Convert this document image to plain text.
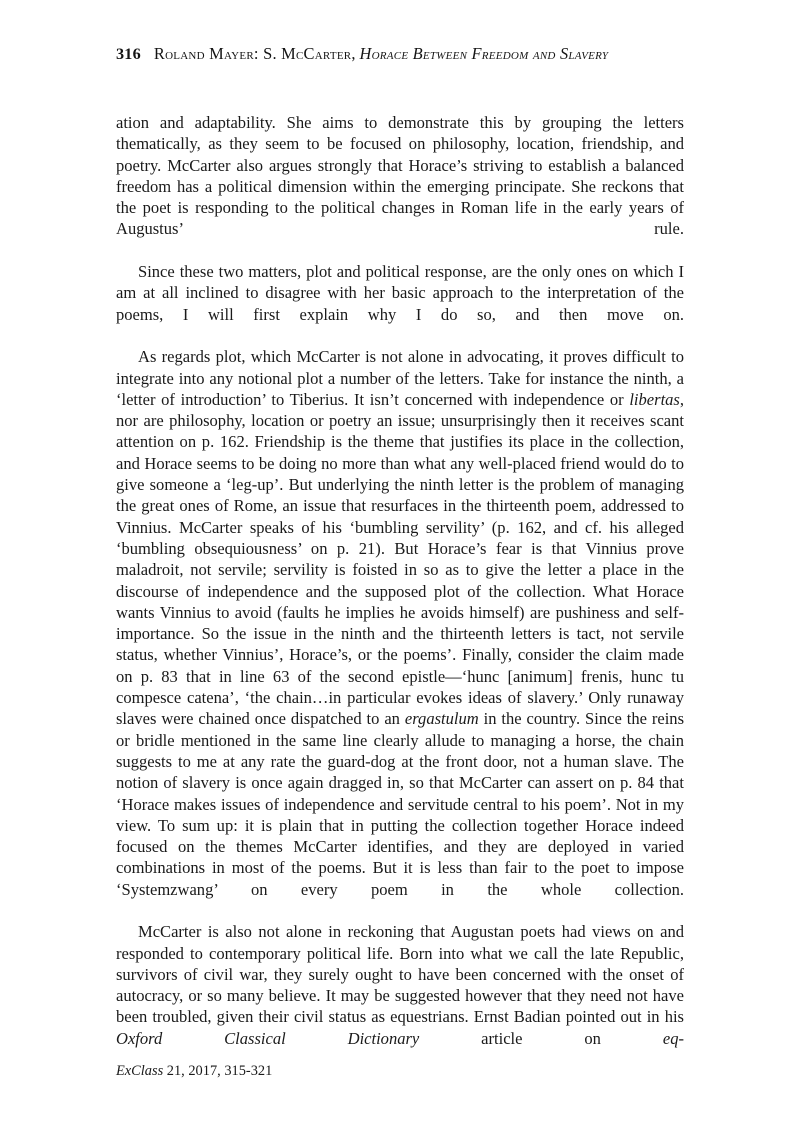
316 Roland Mayer: S. McCarter, Horace Between Freedom and Slavery

ation and adaptability. She aims to demonstrate this by grouping the letters thematically, as they seem to be focused on philosophy, location, friendship, and poetry. McCarter also argues strongly that Horace’s striving to establish a balanced freedom has a political dimension within the emerging principate. She reckons that the poet is responding to the political changes in Roman life in the early years of Augustus’ rule.

Since these two matters, plot and political response, are the only ones on which I am at all inclined to disagree with her basic approach to the interpretation of the poems, I will first explain why I do so, and then move on.

As regards plot, which McCarter is not alone in advocating, it proves difficult to integrate into any notional plot a number of the letters. Take for instance the ninth, a ‘letter of introduction’ to Tiberius. It isn’t concerned with independence or libertas, nor are philosophy, location or poetry an issue; unsurprisingly then it receives scant attention on p. 162. Friendship is the theme that justifies its place in the collection, and Horace seems to be doing no more than what any well-placed friend would do to give someone a ‘leg-up’. But underlying the ninth letter is the problem of managing the great ones of Rome, an issue that resurfaces in the thirteenth poem, addressed to Vinnius. McCarter speaks of his ‘bumbling servility’ (p. 162, and cf. his alleged ‘bumbling obsequiousness’ on p. 21). But Horace’s fear is that Vinnius prove maladroit, not servile; servility is foisted in so as to give the letter a place in the discourse of independence and the supposed plot of the collection. What Horace wants Vinnius to avoid (faults he implies he avoids himself) are pushiness and self-importance. So the issue in the ninth and the thirteenth letters is tact, not servile status, whether Vinnius’, Horace’s, or the poems’. Finally, consider the claim made on p. 83 that in line 63 of the second epistle—‘hunc [animum] frenis, hunc tu compesce catena’, ‘the chain…in particular evokes ideas of slavery.’ Only runaway slaves were chained once dispatched to an ergastulum in the country. Since the reins or bridle mentioned in the same line clearly allude to managing a horse, the chain suggests to me at any rate the guard-dog at the front door, not a human slave. The notion of slavery is once again dragged in, so that McCarter can assert on p. 84 that ‘Horace makes issues of independence and servitude central to his poem’. Not in my view. To sum up: it is plain that in putting the collection together Horace indeed focused on the themes McCarter identifies, and they are deployed in varied combinations in most of the poems. But it is less than fair to the poet to impose ‘Systemzwang’ on every poem in the whole collection.

McCarter is also not alone in reckoning that Augustan poets had views on and responded to contemporary political life. Born into what we call the late Republic, survivors of civil war, they surely ought to have been concerned with the onset of autocracy, or so many believe. It may be suggested however that they need not have been troubled, given their civil status as equestrians. Ernst Badian pointed out in his Oxford Classical Dictionary article on eq-

ExClass 21, 2017, 315-321
